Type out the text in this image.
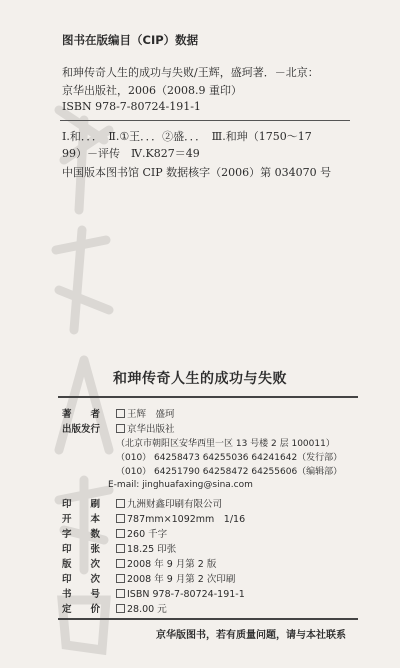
图书在版编目（CIP）数据
和珅传奇人生的成功与失败/王辉，盛珂著．－北京：
京华出版社，2006（2008.9 重印）
ISBN 978-7-80724-191-1
Ⅰ.和．．．　Ⅱ.①王．．．②盛．．．　Ⅲ.和珅（1750～17
99）－评传　Ⅳ.K827＝49
中国版本图书馆 CIP 数据核字（2006）第 034070 号
和珅传奇人生的成功与失败
著　　者	王辉　盛珂
出版发行	京华出版社
（北京市朝阳区安华西里一区 13 号楼 2 层 100011）
（010） 64258473 64255036 64241642（发行部）
（010） 64251790 64258472 64255606（编辑部）
E-mail: jinghuafaxing@sina.com
印　　刷	九洲财鑫印刷有限公司
开　　本	787mm×1092mm　1/16
字　　数	260 千字
印　　张	18.25 印张
版　　次	2008 年 9 月第 2 版
印　　次	2008 年 9 月第 2 次印刷
书　　号	ISBN 978-7-80724-191-1
定　　价	28.00 元
京华版图书，若有质量问题，请与本社联系
